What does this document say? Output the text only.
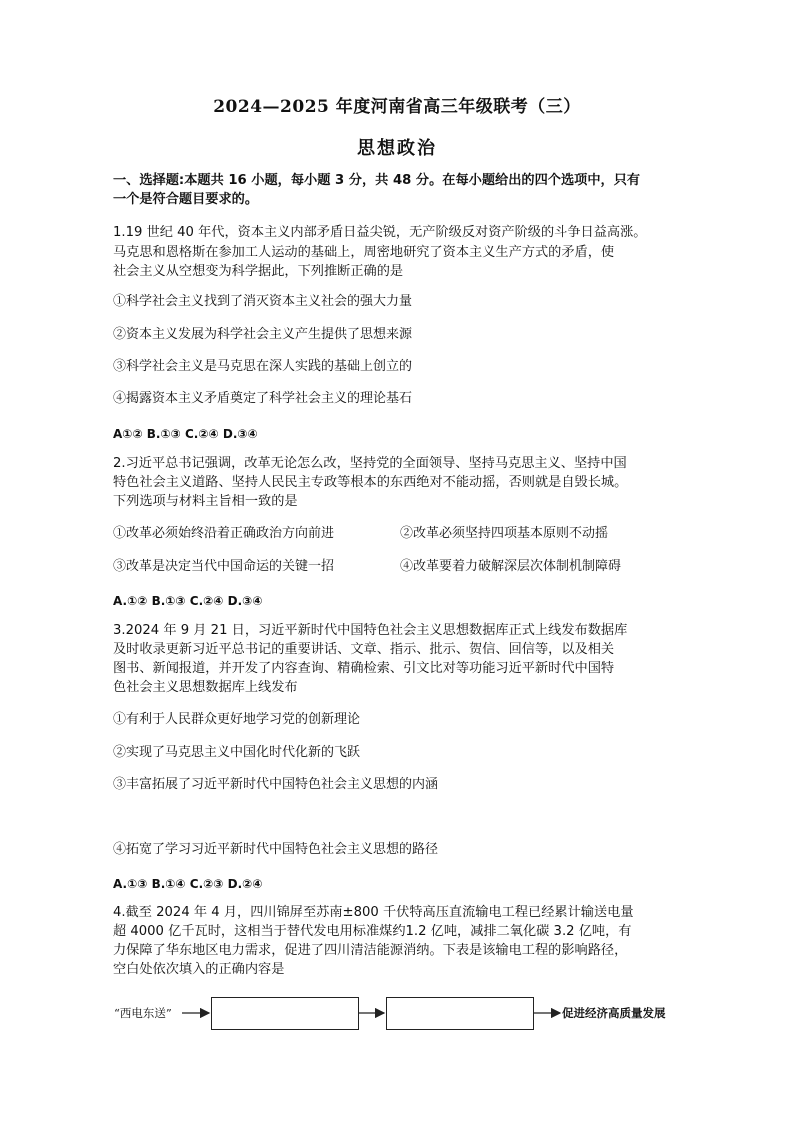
2024—2025 年度河南省高三年级联考（三）
思想政治
一、选择题:本题共 16 小题，每小题 3 分，共 48 分。在每小题给出的四个选项中，只有
一个是符合题目要求的。
1.19 世纪 40 年代，资本主义内部矛盾日益尖锐，无产阶级反对资产阶级的斗争日益高涨。
马克思和恩格斯在参加工人运动的基础上，周密地研究了资本主义生产方式的矛盾，使
社会主义从空想变为科学据此，下列推断正确的是
①科学社会主义找到了消灭资本主义社会的强大力量
②资本主义发展为科学社会主义产生提供了思想来源
③科学社会主义是马克思在深人实践的基础上创立的
④揭露资本主义矛盾奠定了科学社会主义的理论基石
A①② B.①③ C.②④ D.③④
2.习近平总书记强调，改革无论怎么改，坚持党的全面领导、坚持马克思主义、坚持中国
特色社会主义道路、坚持人民民主专政等根本的东西绝对不能动摇，否则就是自毁长城。
下列选项与材料主旨相一致的是
①改革必须始终沿着正确政治方向前进	②改革必须坚持四项基本原则不动摇
③改革是决定当代中国命运的关键一招	④改革要着力破解深层次体制机制障碍
A.①② B.①③ C.②④ D.③④
3.2024 年 9 月 21 日，习近平新时代中国特色社会主义思想数据库正式上线发布数据库
及时收录更新习近平总书记的重要讲话、文章、指示、批示、贺信、回信等，以及相关
图书、新闻报道，并开发了内容查询、精确检索、引文比对等功能习近平新时代中国特
色社会主义思想数据库上线发布
①有利于人民群众更好地学习党的创新理论
②实现了马克思主义中国化时代化新的飞跃
③丰富拓展了习近平新时代中国特色社会主义思想的内涵
④拓宽了学习习近平新时代中国特色社会主义思想的路径
A.①③ B.①④ C.②③ D.②④
4.截至 2024 年 4 月，四川锦屏至苏南±800 千伏特高压直流输电工程已经累计输送电量
超 4000 亿千瓦时，这相当于替代发电用标准煤约1.2 亿吨，减排二氧化碳 3.2 亿吨，有
力保障了华东地区电力需求，促进了四川清洁能源消纳。下表是该输电工程的影响路径，
空白处依次填入的正确内容是
“西电东送”	促进经济高质量发展
